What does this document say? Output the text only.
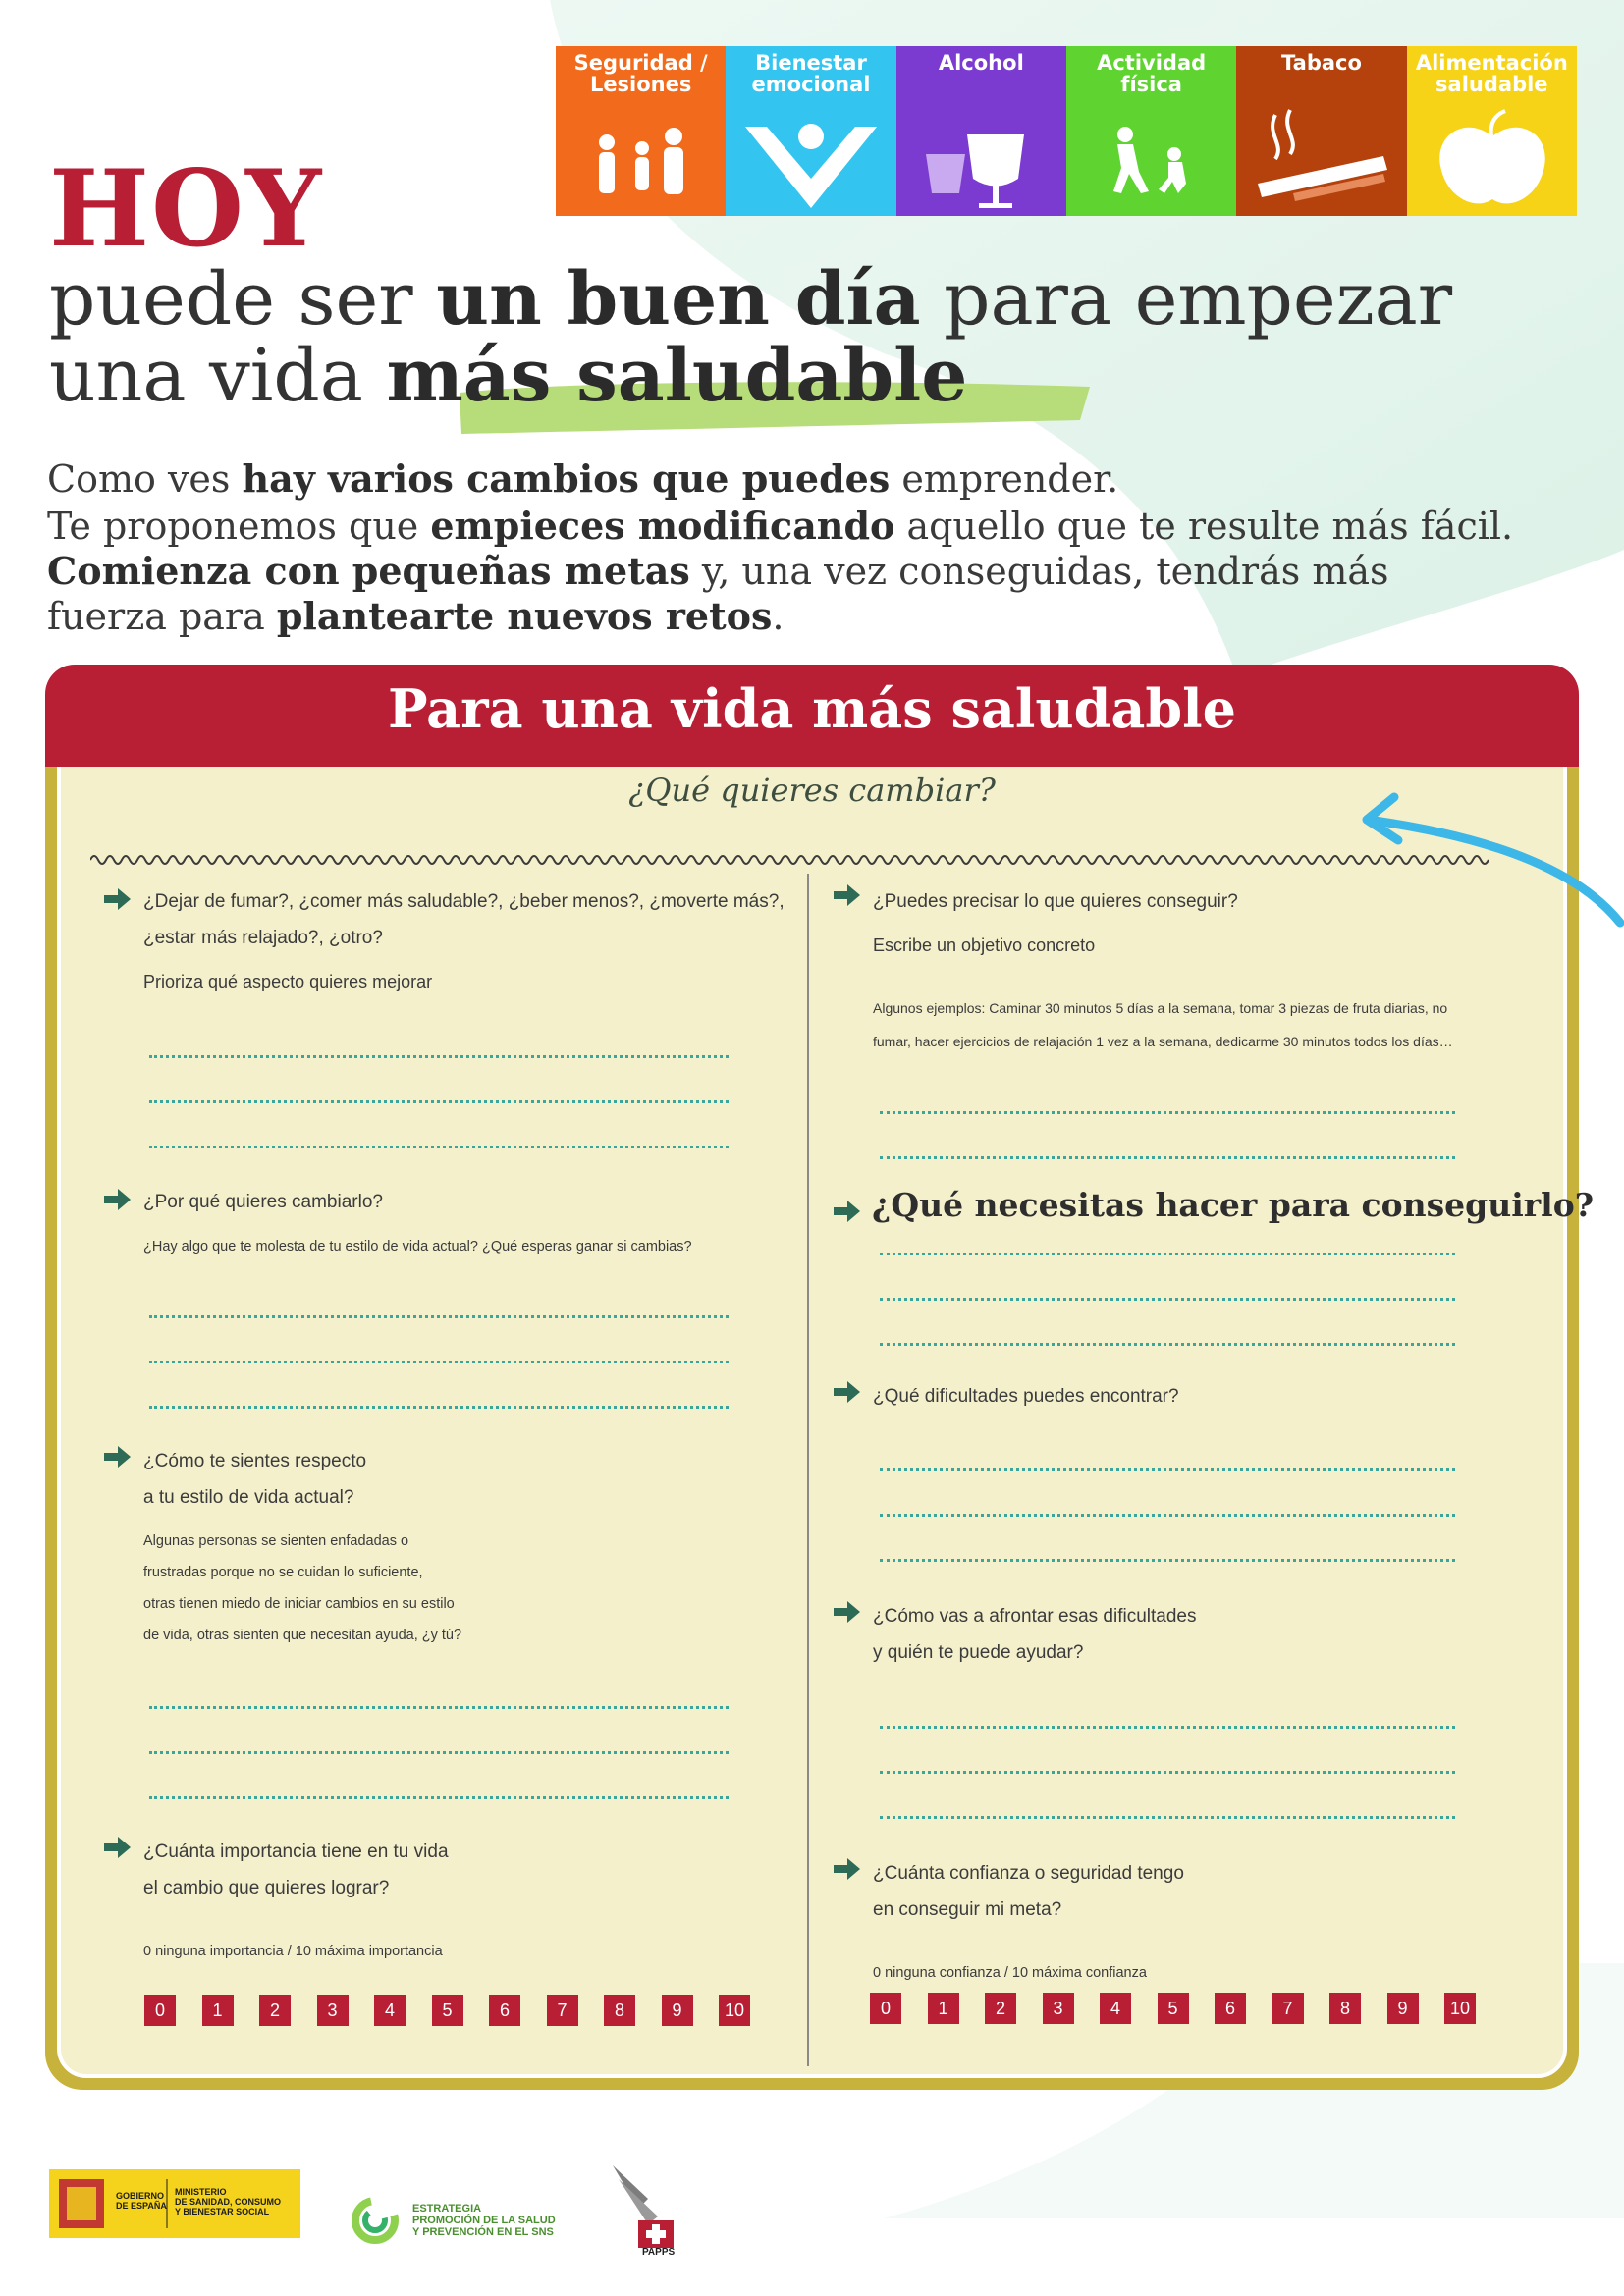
Seguridad /
Lesiones
Bienestar
emocional
Alcohol	Actividad
física
Tabaco	Alimentación
saludable
HOY
puede ser un buen día para empezar
una vida más saludable
Como ves hay varios cambios que puedes emprender.
Te proponemos que empieces modificando aquello que te resulte más fácil.
Comienza con pequeñas metas y, una vez conseguidas, tendrás más
fuerza para plantearte nuevos retos.
Para una vida más saludable
¿Qué quieres cambiar?
¿Dejar de fumar?, ¿comer más saludable?, ¿beber menos?, ¿moverte más?,
¿estar más relajado?, ¿otro?
Prioriza qué aspecto quieres mejorar
¿Por qué quieres cambiarlo?
¿Hay algo que te molesta de tu estilo de vida actual? ¿Qué esperas ganar si cambias?
¿Cómo te sientes respecto
a tu estilo de vida actual?
Algunas personas se sienten enfadadas o
frustradas porque no se cuidan lo suficiente,
otras tienen miedo de iniciar cambios en su estilo
de vida, otras sienten que necesitan ayuda, ¿y tú?
¿Cuánta importancia tiene en tu vida
el cambio que quieres lograr?
0 ninguna importancia / 10 máxima importancia
0	1	2	3	4	5	6	7	8	9	10
¿Puedes precisar lo que quieres conseguir?
Escribe un objetivo concreto
Algunos ejemplos: Caminar 30 minutos 5 días a la semana, tomar 3 piezas de fruta diarias, no
fumar, hacer ejercicios de relajación 1 vez a la semana, dedicarme 30 minutos todos los días…
¿Qué necesitas hacer para conseguirlo?
¿Qué dificultades puedes encontrar?
¿Cómo vas a afrontar esas dificultades
y quién te puede ayudar?
¿Cuánta confianza o seguridad tengo
en conseguir mi meta?
0 ninguna confianza / 10 máxima confianza
0	1	2	3	4	5	6	7	8	9	10
GOBIERNO
DE ESPAÑA
MINISTERIO
DE SANIDAD, CONSUMO
Y BIENESTAR SOCIAL	ESTRATEGIA
PROMOCIÓN DE LA SALUD
Y PREVENCIÓN EN EL SNS
PAPPS
